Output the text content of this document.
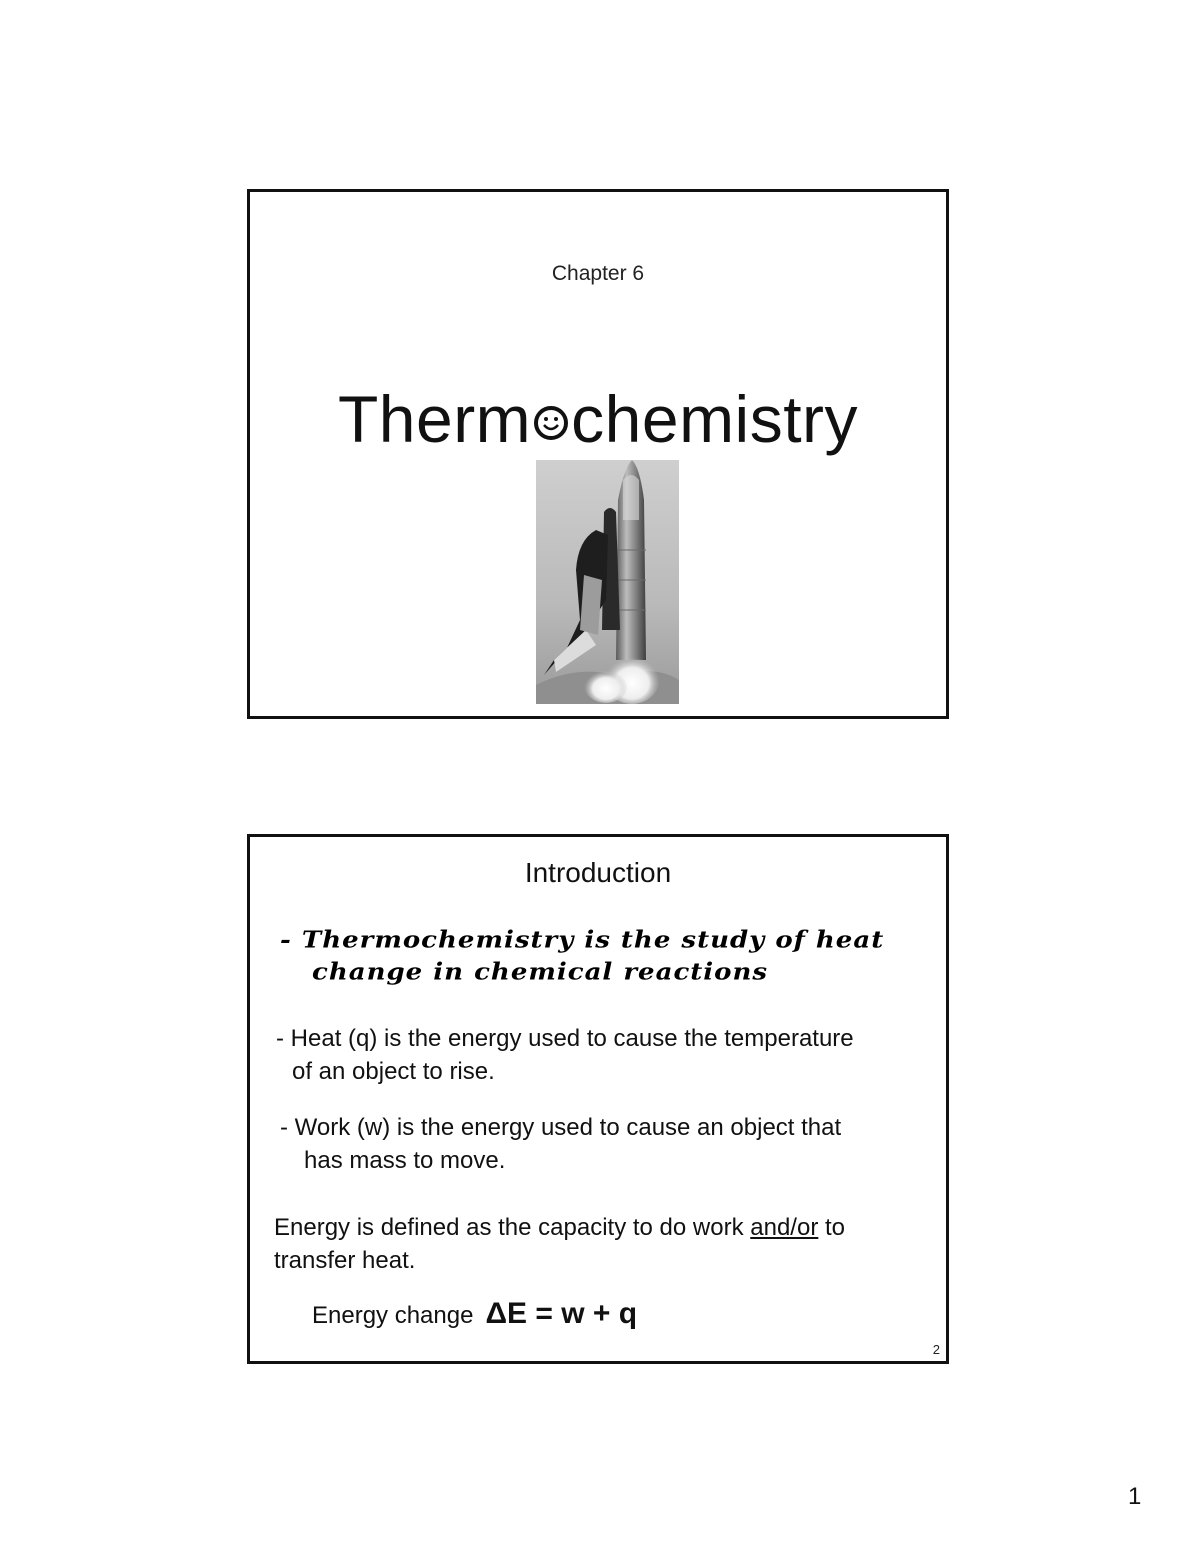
Chapter 6
Therm chemistry
Introduction
- Thermochemistry is the study of heat
change in chemical reactions
- Heat (q) is the energy used to cause the temperature
of an object to rise.
- Work (w) is the energy used to cause an object that
has mass to move.
Energy is defined as the capacity to do work and/or to
transfer heat.
Energy change ΔE = w + q
2
1
